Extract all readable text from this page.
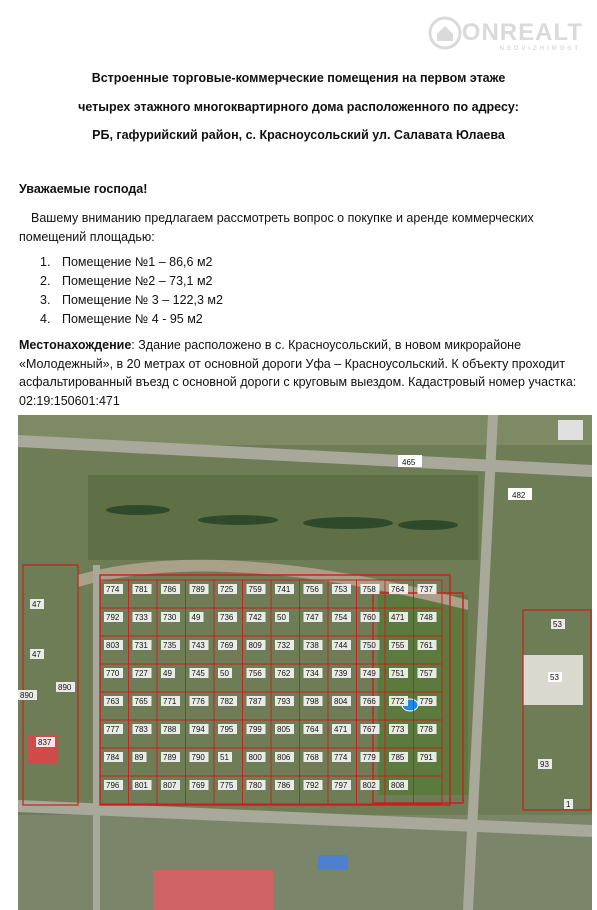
ONREALT
NEDVIZHIMOST
Встроенные торговые-коммерческие помещения на первом этаже
четырех этажного многоквартирного дома расположенного по адресу:
РБ, гафурийский район, с. Красноусольский ул. Салавата Юлаева
Уважаемые господа!
Вашему вниманию предлагаем рассмотреть вопрос о покупке и аренде коммерческих помещений площадью:
1. Помещение №1 – 86,6 м2
2. Помещение №2 – 73,1 м2
3. Помещение № 3 – 122,3 м2
4. Помещение № 4 - 95 м2
Местонахождение: Здание расположено в с. Красноусольский, в новом микрорайоне «Молодежный», в 20 метрах от основной дороги Уфа – Красноусольский. К объекту проходит асфальтированный въезд с основной дороги с круговым выездом. Кадастровый номер участка: 02:19:150601:471
47
47
890
890
837
774 781 786 789 725 759 741 756 753 758 764 737
792 733 730 49 736 742 50 747 754 760 471 748
803 731 735 743 769 809 732 738 744 750 755 761
770 727 49 745 50 756 762 734 739 749 751 757
763 765 771 776 782 787 793 798 804 766 772 779
777 783 788 794 795 799 805 764 471 767 773 778
784 89 789 790 51 800 806 768 774 779 785 791
796 801 807 769 775 780 786 792 797 802 808
53
53
93
1
465
482
